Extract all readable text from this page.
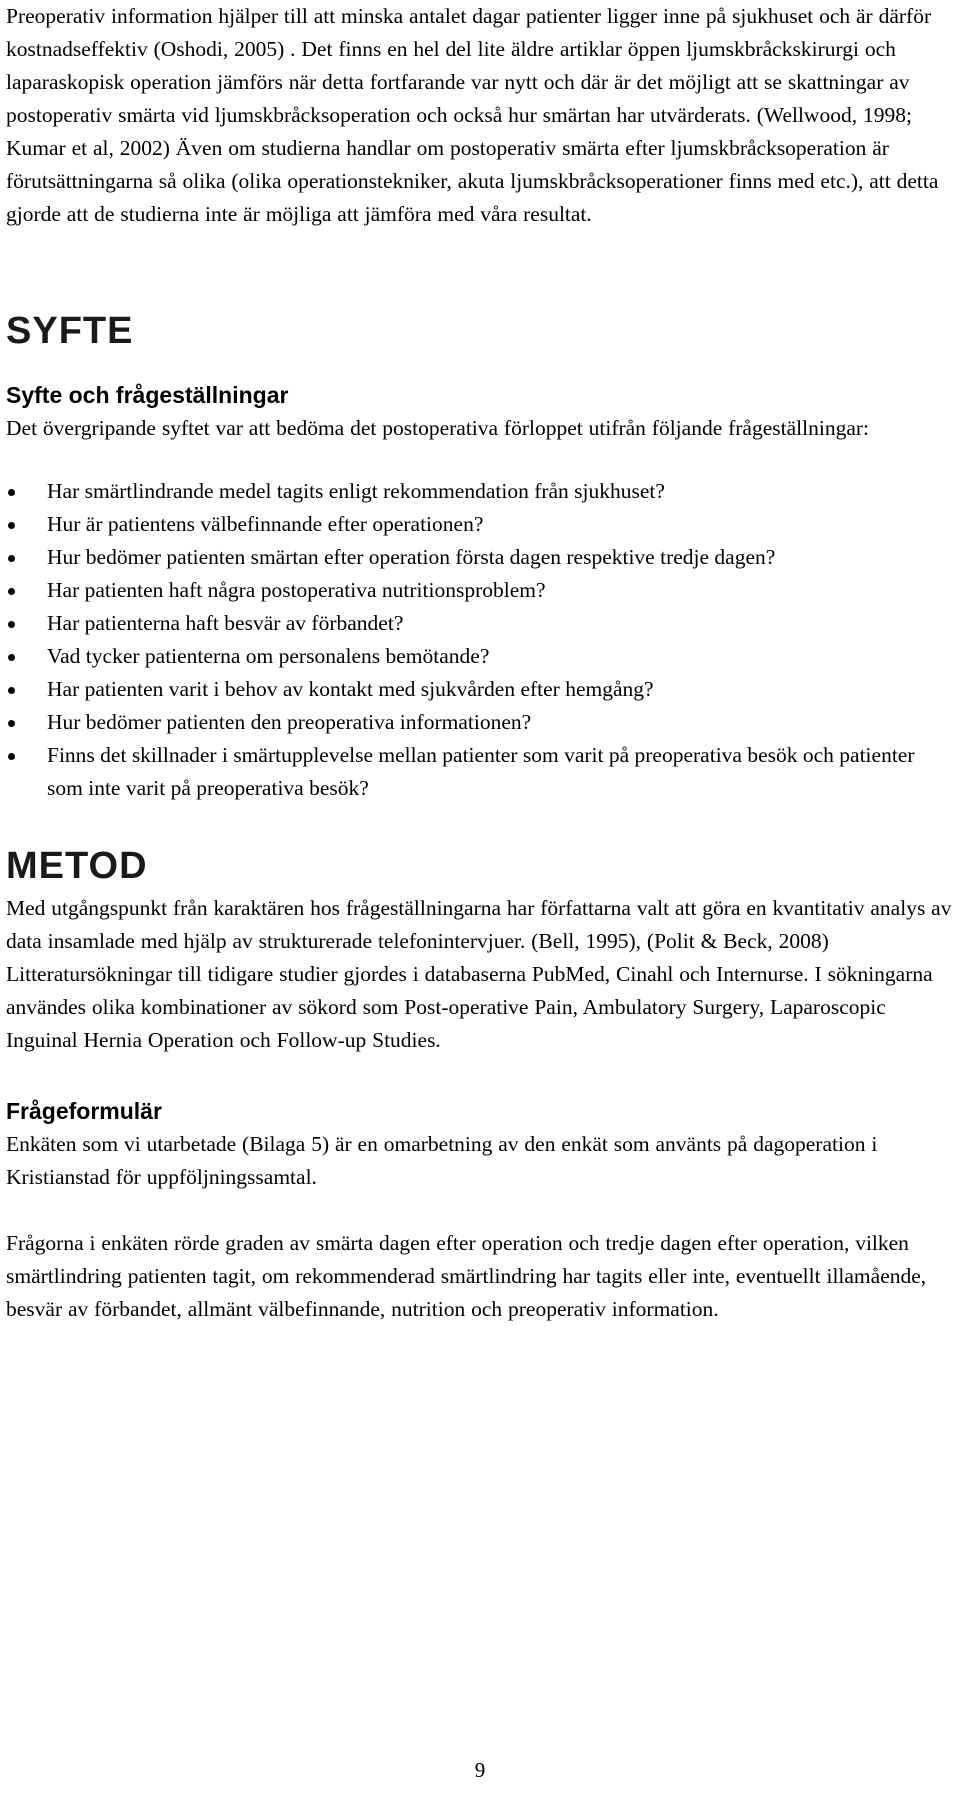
Preoperativ information hjälper till att minska antalet dagar patienter ligger inne på sjukhuset och är därför kostnadseffektiv (Oshodi, 2005) . Det finns en hel del lite äldre artiklar öppen ljumskbråckskirurgi och laparaskopisk operation jämförs när detta fortfarande var nytt och där är det möjligt att se skattningar av postoperativ smärta vid ljumskbråcksoperation och också hur smärtan har utvärderats. (Wellwood, 1998; Kumar et al, 2002) Även om studierna handlar om postoperativ smärta efter ljumskbråcksoperation är förutsättningarna så olika (olika operationstekniker, akuta ljumskbråcksoperationer finns med etc.), att detta gjorde att de studierna inte är möjliga att jämföra med våra resultat.

SYFTE
Syfte och frågeställningar

Det övergripande syftet var att bedöma det postoperativa förloppet utifrån följande frågeställningar:

Har smärtlindrande medel tagits enligt rekommendation från sjukhuset?
Hur är patientens välbefinnande efter operationen?
Hur bedömer patienten smärtan efter operation första dagen respektive tredje dagen?
Har patienten haft några postoperativa nutritionsproblem?
Har patienterna haft besvär av förbandet?
Vad tycker patienterna om personalens bemötande?
Har patienten varit i behov av kontakt med sjukvården efter hemgång?
Hur bedömer patienten den preoperativa informationen?
Finns det skillnader i smärtupplevelse mellan patienter som varit på preoperativa besök och patienter som inte varit på preoperativa besök?
METOD

Med utgångspunkt från karaktären hos frågeställningarna har författarna valt att göra en kvantitativ analys av data insamlade med hjälp av strukturerade telefonintervjuer. (Bell, 1995), (Polit & Beck, 2008) Litteratursökningar till tidigare studier gjordes i databaserna PubMed, Cinahl och Internurse. I sökningarna användes olika kombinationer av sökord som Post-operative Pain, Ambulatory Surgery, Laparoscopic Inguinal Hernia Operation och Follow-up Studies.

Frågeformulär

Enkäten som vi utarbetade (Bilaga 5) är en omarbetning av den enkät som använts på dagoperation i Kristianstad för uppföljningssamtal.

Frågorna i enkäten rörde graden av smärta dagen efter operation och tredje dagen efter operation, vilken smärtlindring patienten tagit, om rekommenderad smärtlindring har tagits eller inte, eventuellt illamående, besvär av förbandet, allmänt välbefinnande, nutrition och preoperativ information.

9
